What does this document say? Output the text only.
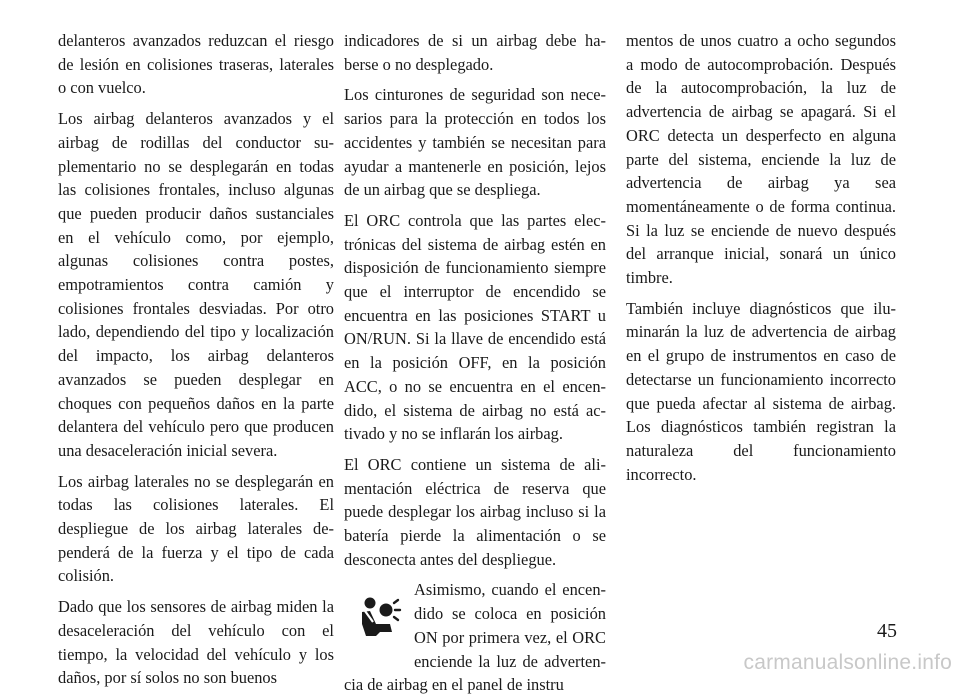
delanteros avanzados reduzcan el riesgo de lesión en colisiones traseras, laterales o con vuelco.

Los airbag delanteros avanzados y el airbag de rodillas del conductor suplementario no se desplegarán en todas las colisiones frontales, incluso algunas que pueden producir daños sustanciales en el vehículo como, por ejemplo, algunas colisiones contra postes, empotramientos contra camión y colisiones frontales desviadas. Por otro lado, dependiendo del tipo y localización del impacto, los airbag delanteros avanzados se pueden desplegar en choques con pequeños daños en la parte delantera del vehículo pero que producen una desaceleración inicial severa.

Los airbag laterales no se desplegarán en todas las colisiones laterales. El despliegue de los airbag laterales dependerá de la fuerza y el tipo de cada colisión.

Dado que los sensores de airbag miden la desaceleración del vehículo con el tiempo, la velocidad del vehículo y los daños, por sí solos no son buenos

indicadores de si un airbag debe haberse o no desplegado.

Los cinturones de seguridad son necesarios para la protección en todos los accidentes y también se necesitan para ayudar a mantenerle en posición, lejos de un airbag que se despliega.

El ORC controla que las partes electrónicas del sistema de airbag estén en disposición de funcionamiento siempre que el interruptor de encendido se encuentra en las posiciones START u ON/RUN. Si la llave de encendido está en la posición OFF, en la posición ACC, o no se encuentra en el encendido, el sistema de airbag no está activado y no se inflarán los airbag.

El ORC contiene un sistema de alimentación eléctrica de reserva que puede desplegar los airbag incluso si la batería pierde la alimentación o se desconecta antes del despliegue.

Asimismo, cuando el encendido se coloca en posición ON por primera vez, el ORC enciende la luz de advertencia de airbag en el panel de instru

mentos de unos cuatro a ocho segundos a modo de autocomprobación. Después de la autocomprobación, la luz de advertencia de airbag se apagará. Si el ORC detecta un desperfecto en alguna parte del sistema, enciende la luz de advertencia de airbag ya sea momentáneamente o de forma continua. Si la luz se enciende de nuevo después del arranque inicial, sonará un único timbre.

También incluye diagnósticos que iluminarán la luz de advertencia de airbag en el grupo de instrumentos en caso de detectarse un funcionamiento incorrecto que pueda afectar al sistema de airbag. Los diagnósticos también registran la naturaleza del funcionamiento incorrecto.

45
carmanualsonline.info
